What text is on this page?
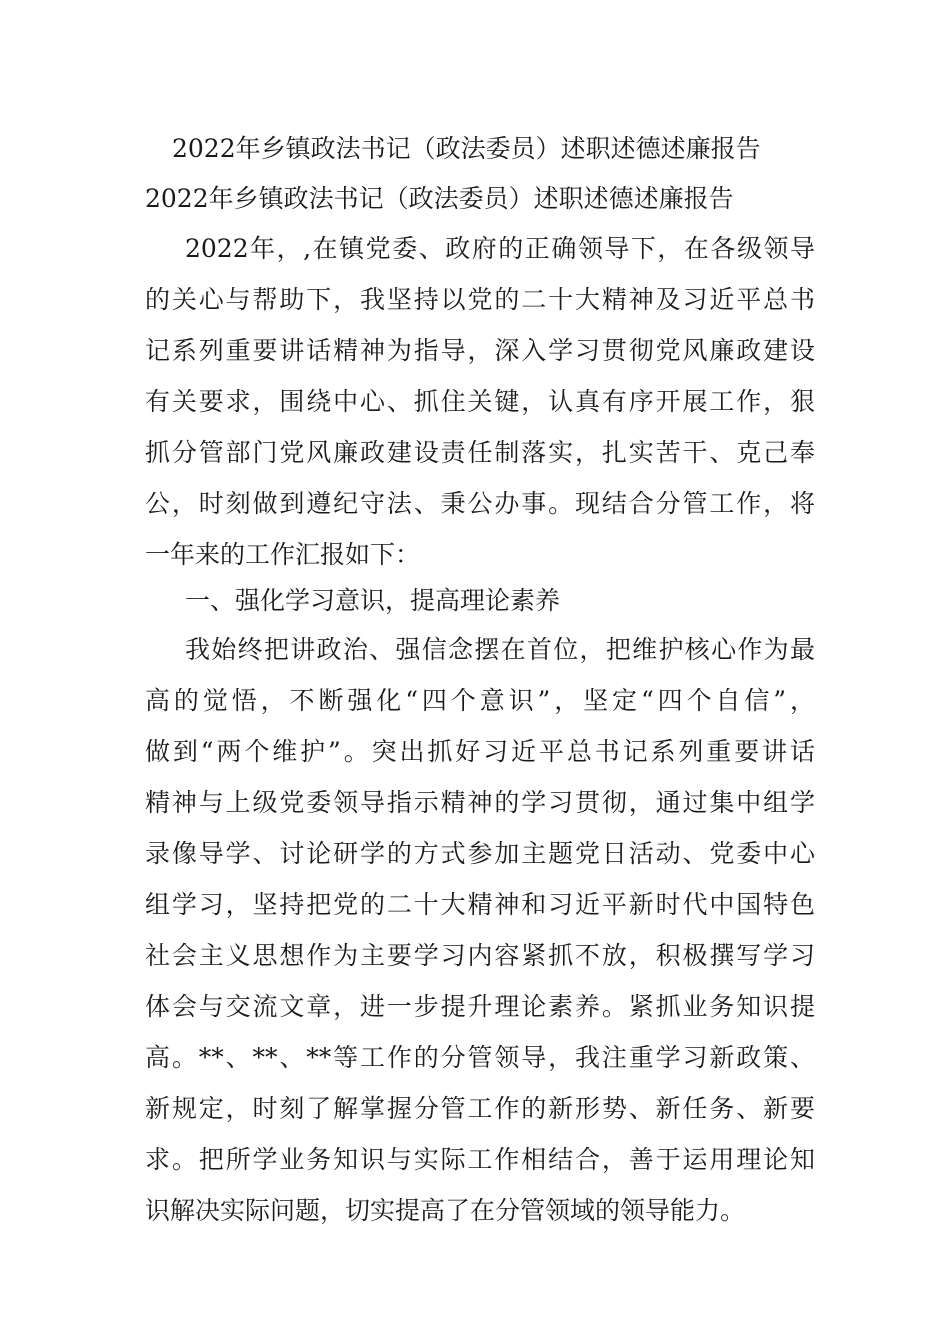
2022年乡镇政法书记（政法委员）述职述德述廉报告
2022年乡镇政法书记（政法委员）述职述德述廉报告
2022年，,在镇党委、政府的正确领导下，在各级领导
的关心与帮助下，我坚持以党的二十大精神及习近平总书
记系列重要讲话精神为指导，深入学习贯彻党风廉政建设
有关要求，围绕中心、抓住关键，认真有序开展工作，狠
抓分管部门党风廉政建设责任制落实，扎实苦干、克己奉
公，时刻做到遵纪守法、秉公办事。现结合分管工作，将
一年来的工作汇报如下：
一、强化学习意识，提高理论素养
我始终把讲政治、强信念摆在首位，把维护核心作为最
高的觉悟，不断强化“四个意识”，坚定“四个自信”，
做到“两个维护”。突出抓好习近平总书记系列重要讲话
精神与上级党委领导指示精神的学习贯彻，通过集中组学
录像导学、讨论研学的方式参加主题党日活动、党委中心
组学习，坚持把党的二十大精神和习近平新时代中国特色
社会主义思想作为主要学习内容紧抓不放，积极撰写学习
体会与交流文章，进一步提升理论素养。紧抓业务知识提
高。**、**、**等工作的分管领导，我注重学习新政策、
新规定，时刻了解掌握分管工作的新形势、新任务、新要
求。把所学业务知识与实际工作相结合，善于运用理论知
识解决实际问题，切实提高了在分管领域的领导能力。
